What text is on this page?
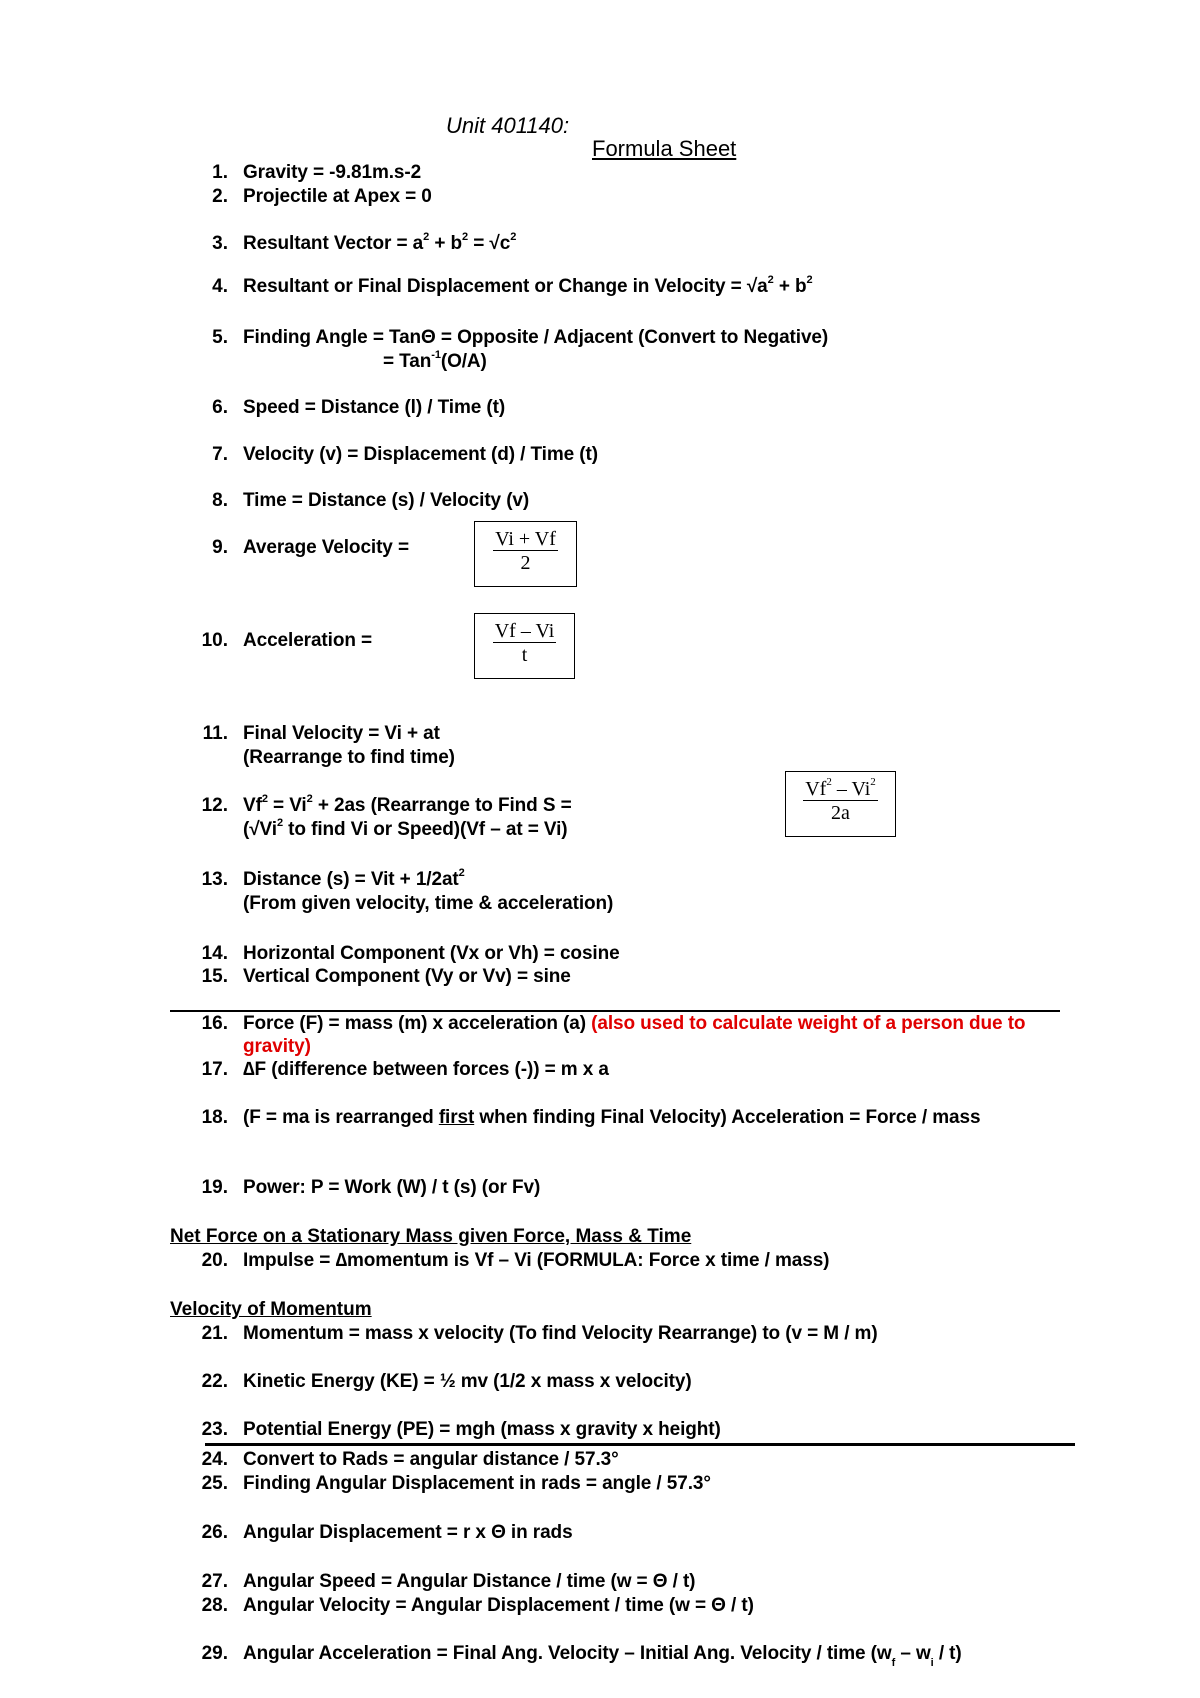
Unit 401140:
Formula Sheet
1. Gravity = -9.81m.s-2
2. Projectile at Apex = 0
3. Resultant Vector = $a^2 + b^2 = √c^2$
4. Resultant or Final Displacement or Change in Velocity = $√a^2 + b^2$
5. Finding Angle = TanΘ = Opposite / Adjacent (Convert to Negative)
= Tan$^{-1}$(O/A)
6. Speed = Distance (l) / Time (t)
7. Velocity (v) = Displacement (d) / Time (t)
8. Time = Distance (s) / Velocity (v)
9. Average Velocity =	Vi + Vf
2
10. Acceleration =	Vf – Vi
t
11. Final Velocity = Vi + at
(Rearrange to find time)
12. $Vf^2 = Vi^2 + 2as$ (Rearrange to Find S =
($√Vi^2$ to find Vi or Speed)(Vf – at = Vi)
Vf$^2$ – Vi$^2$
2a
13. Distance (s) = Vit + $1/2at^2$
(From given velocity, time & acceleration)
14. Horizontal Component (Vx or Vh) = cosine
15. Vertical Component (Vy or Vv) = sine
16. Force (F) = mass (m) x acceleration (a) (also used to calculate weight of a person due to
gravity)
17. ∆F (difference between forces (-)) = m x a
18. (F = ma is rearranged first when finding Final Velocity) Acceleration = Force / mass
19. Power: P = Work (W) / t (s) (or Fv)
Net Force on a Stationary Mass given Force, Mass & Time
20. Impulse = ∆momentum is Vf – Vi (FORMULA: Force x time / mass)
Velocity of Momentum
21. Momentum = mass x velocity (To find Velocity Rearrange) to (v = M / m)
22. Kinetic Energy (KE) = ½ mv (1/2 x mass x velocity)
23. Potential Energy (PE) = mgh (mass x gravity x height)
24. Convert to Rads = angular distance / 57.3°
25. Finding Angular Displacement in rads = angle / 57.3°
26. Angular Displacement = r x Θ in rads
27. Angular Speed = Angular Distance / time (w = Θ / t)
28. Angular Velocity = Angular Displacement / time (w = Θ / t)
29. Angular Acceleration = Final Ang. Velocity – Initial Ang. Velocity / time $(w_f - w_i / t)$
